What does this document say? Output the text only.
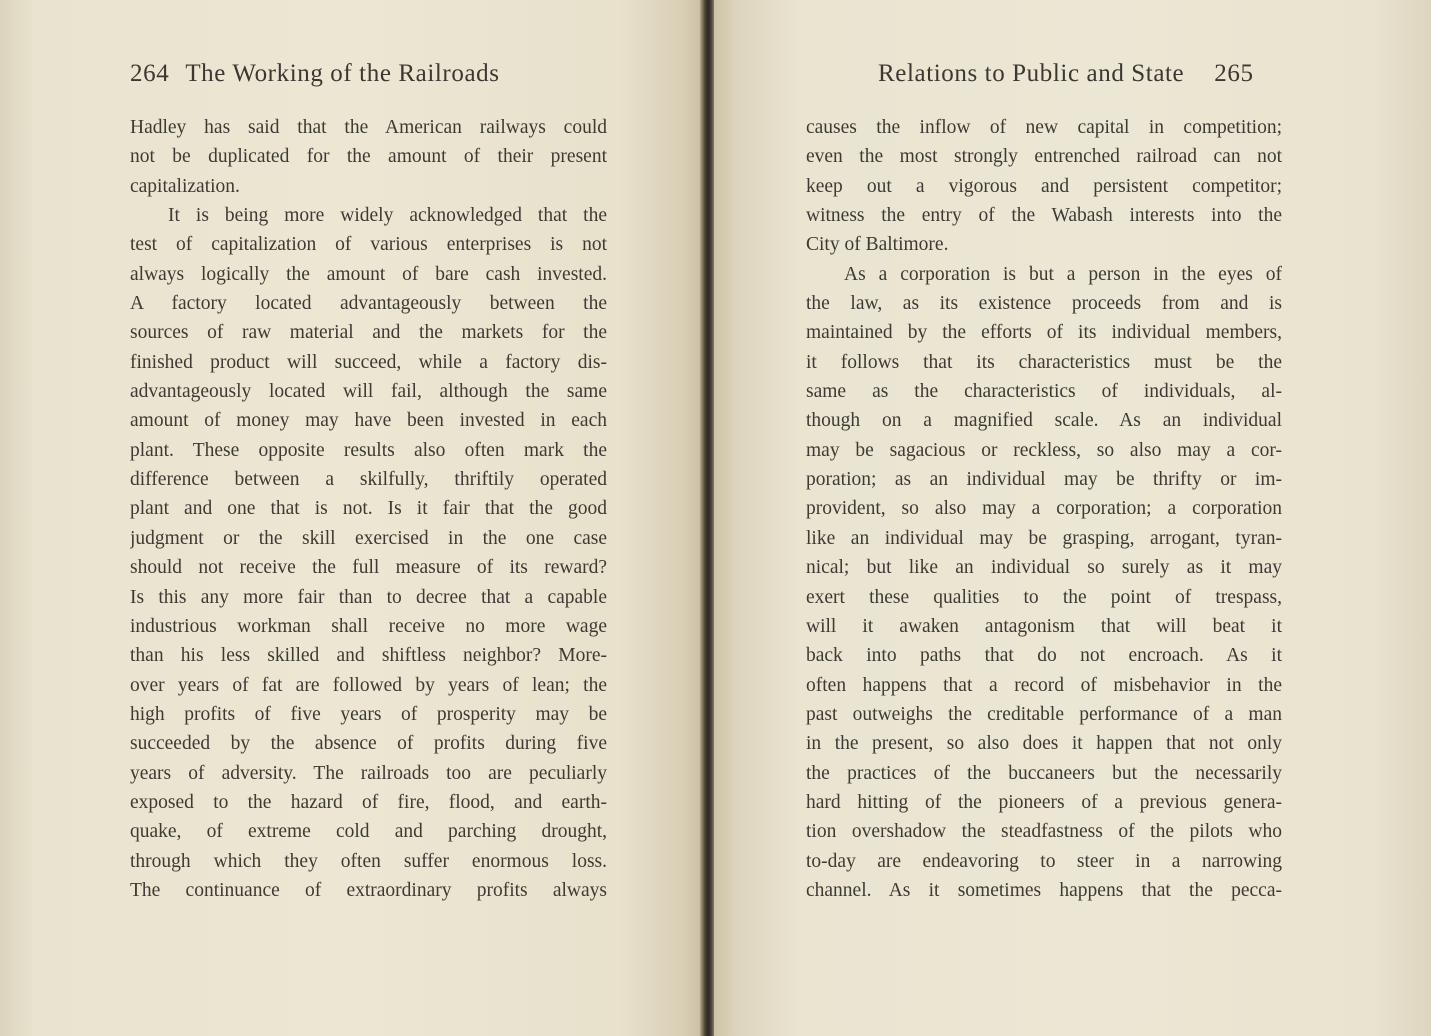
264 The Working of the Railroads
Hadley has said that the American railways could
not be duplicated for the amount of their present
capitalization.
It is being more widely acknowledged that the
test of capitalization of various enterprises is not
always logically the amount of bare cash invested.
A factory located advantageously between the
sources of raw material and the markets for the
finished product will succeed, while a factory dis-
advantageously located will fail, although the same
amount of money may have been invested in each
plant. These opposite results also often mark the
difference between a skilfully, thriftily operated
plant and one that is not. Is it fair that the good
judgment or the skill exercised in the one case
should not receive the full measure of its reward?
Is this any more fair than to decree that a capable
industrious workman shall receive no more wage
than his less skilled and shiftless neighbor? More-
over years of fat are followed by years of lean; the
high profits of five years of prosperity may be
succeeded by the absence of profits during five
years of adversity. The railroads too are peculiarly
exposed to the hazard of fire, flood, and earth-
quake, of extreme cold and parching drought,
through which they often suffer enormous loss.
The continuance of extraordinary profits always
Relations to Public and State 265
causes the inflow of new capital in competition;
even the most strongly entrenched railroad can not
keep out a vigorous and persistent competitor;
witness the entry of the Wabash interests into the
City of Baltimore.
As a corporation is but a person in the eyes of
the law, as its existence proceeds from and is
maintained by the efforts of its individual members,
it follows that its characteristics must be the
same as the characteristics of individuals, al-
though on a magnified scale. As an individual
may be sagacious or reckless, so also may a cor-
poration; as an individual may be thrifty or im-
provident, so also may a corporation; a corporation
like an individual may be grasping, arrogant, tyran-
nical; but like an individual so surely as it may
exert these qualities to the point of trespass,
will it awaken antagonism that will beat it
back into paths that do not encroach. As it
often happens that a record of misbehavior in the
past outweighs the creditable performance of a man
in the present, so also does it happen that not only
the practices of the buccaneers but the necessarily
hard hitting of the pioneers of a previous genera-
tion overshadow the steadfastness of the pilots who
to-day are endeavoring to steer in a narrowing
channel. As it sometimes happens that the pecca-
